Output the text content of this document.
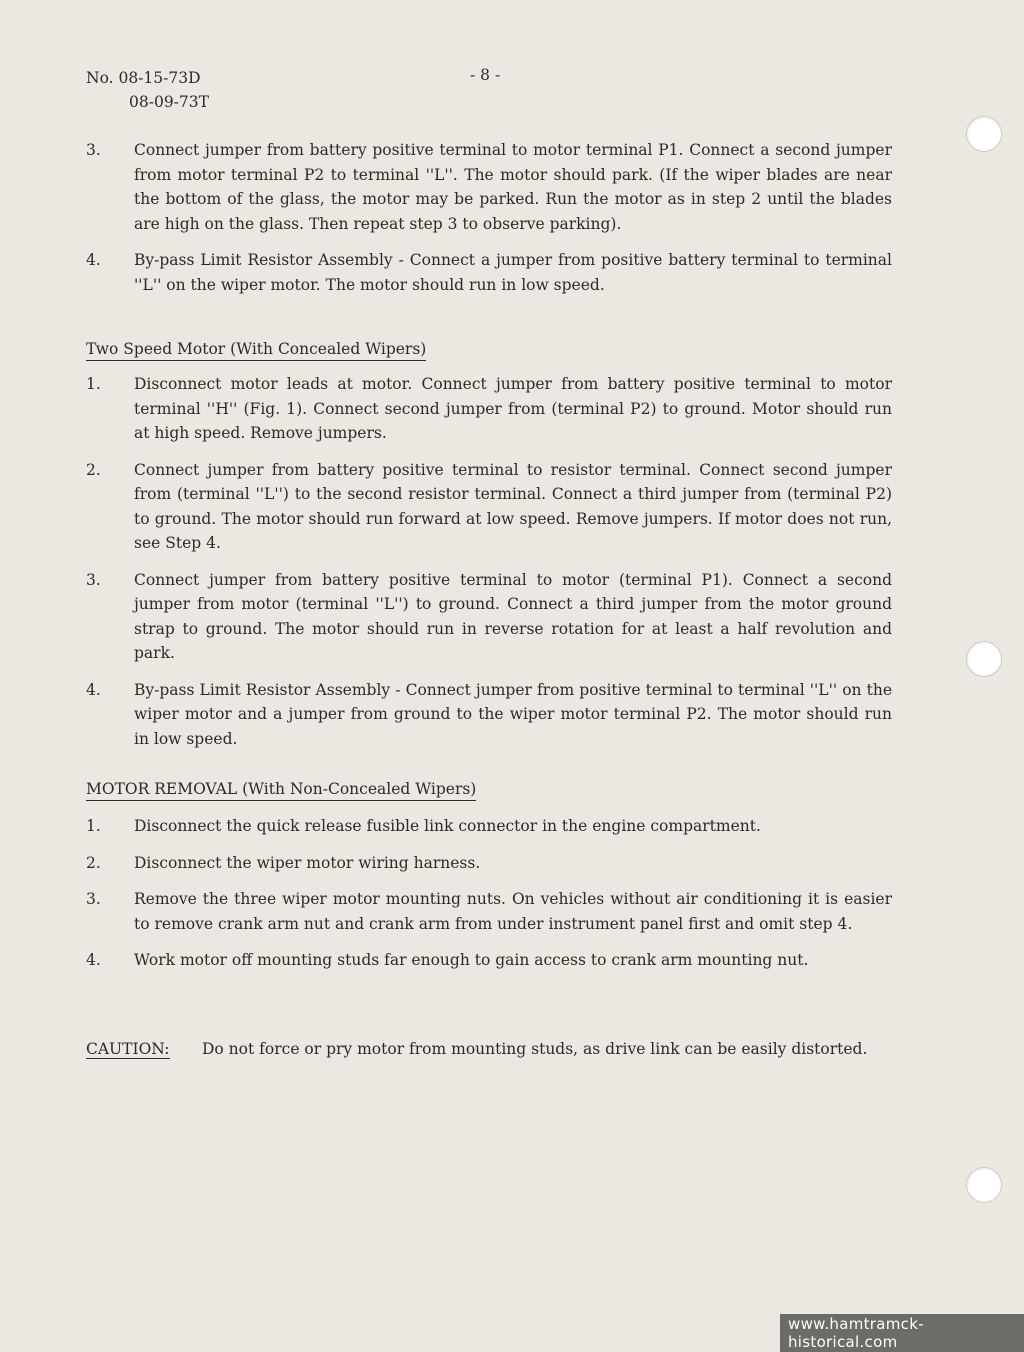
No. 08-15-73D
08-09-73T
- 8 -
3.	Connect jumper from battery positive terminal to motor terminal P1. Connect a second jumper from motor terminal P2 to terminal ''L''. The motor should park. (If the wiper blades are near the bottom of the glass, the motor may be parked. Run the motor as in step 2 until the blades are high on the glass. Then repeat step 3 to observe parking).
4.	By-pass Limit Resistor Assembly - Connect a jumper from positive battery terminal to terminal ''L'' on the wiper motor. The motor should run in low speed.
Two Speed Motor (With Concealed Wipers)
1.	Disconnect motor leads at motor. Connect jumper from battery positive terminal to motor terminal ''H'' (Fig. 1). Connect second jumper from (terminal P2) to ground. Motor should run at high speed. Remove jumpers.
2.	Connect jumper from battery positive terminal to resistor terminal. Connect second jumper from (terminal ''L'') to the second resistor terminal. Connect a third jumper from (terminal P2) to ground. The motor should run forward at low speed. Remove jumpers. If motor does not run, see Step 4.
3.	Connect jumper from battery positive terminal to motor (terminal P1). Connect a second jumper from motor (terminal ''L'') to ground. Connect a third jumper from the motor ground strap to ground. The motor should run in reverse rotation for at least a half revolution and park.
4.	By-pass Limit Resistor Assembly - Connect jumper from positive terminal to terminal ''L'' on the wiper motor and a jumper from ground to the wiper motor terminal P2. The motor should run in low speed.
MOTOR REMOVAL (With Non-Concealed Wipers)
1.	Disconnect the quick release fusible link connector in the engine compartment.
2.	Disconnect the wiper motor wiring harness.
3.	Remove the three wiper motor mounting nuts. On vehicles without air conditioning it is easier to remove crank arm nut and crank arm from under instrument panel first and omit step 4.
4.	Work motor off mounting studs far enough to gain access to crank arm mounting nut.
CAUTION:	Do not force or pry motor from mounting studs, as drive link can be easily distorted.
www.hamtramck-historical.com
